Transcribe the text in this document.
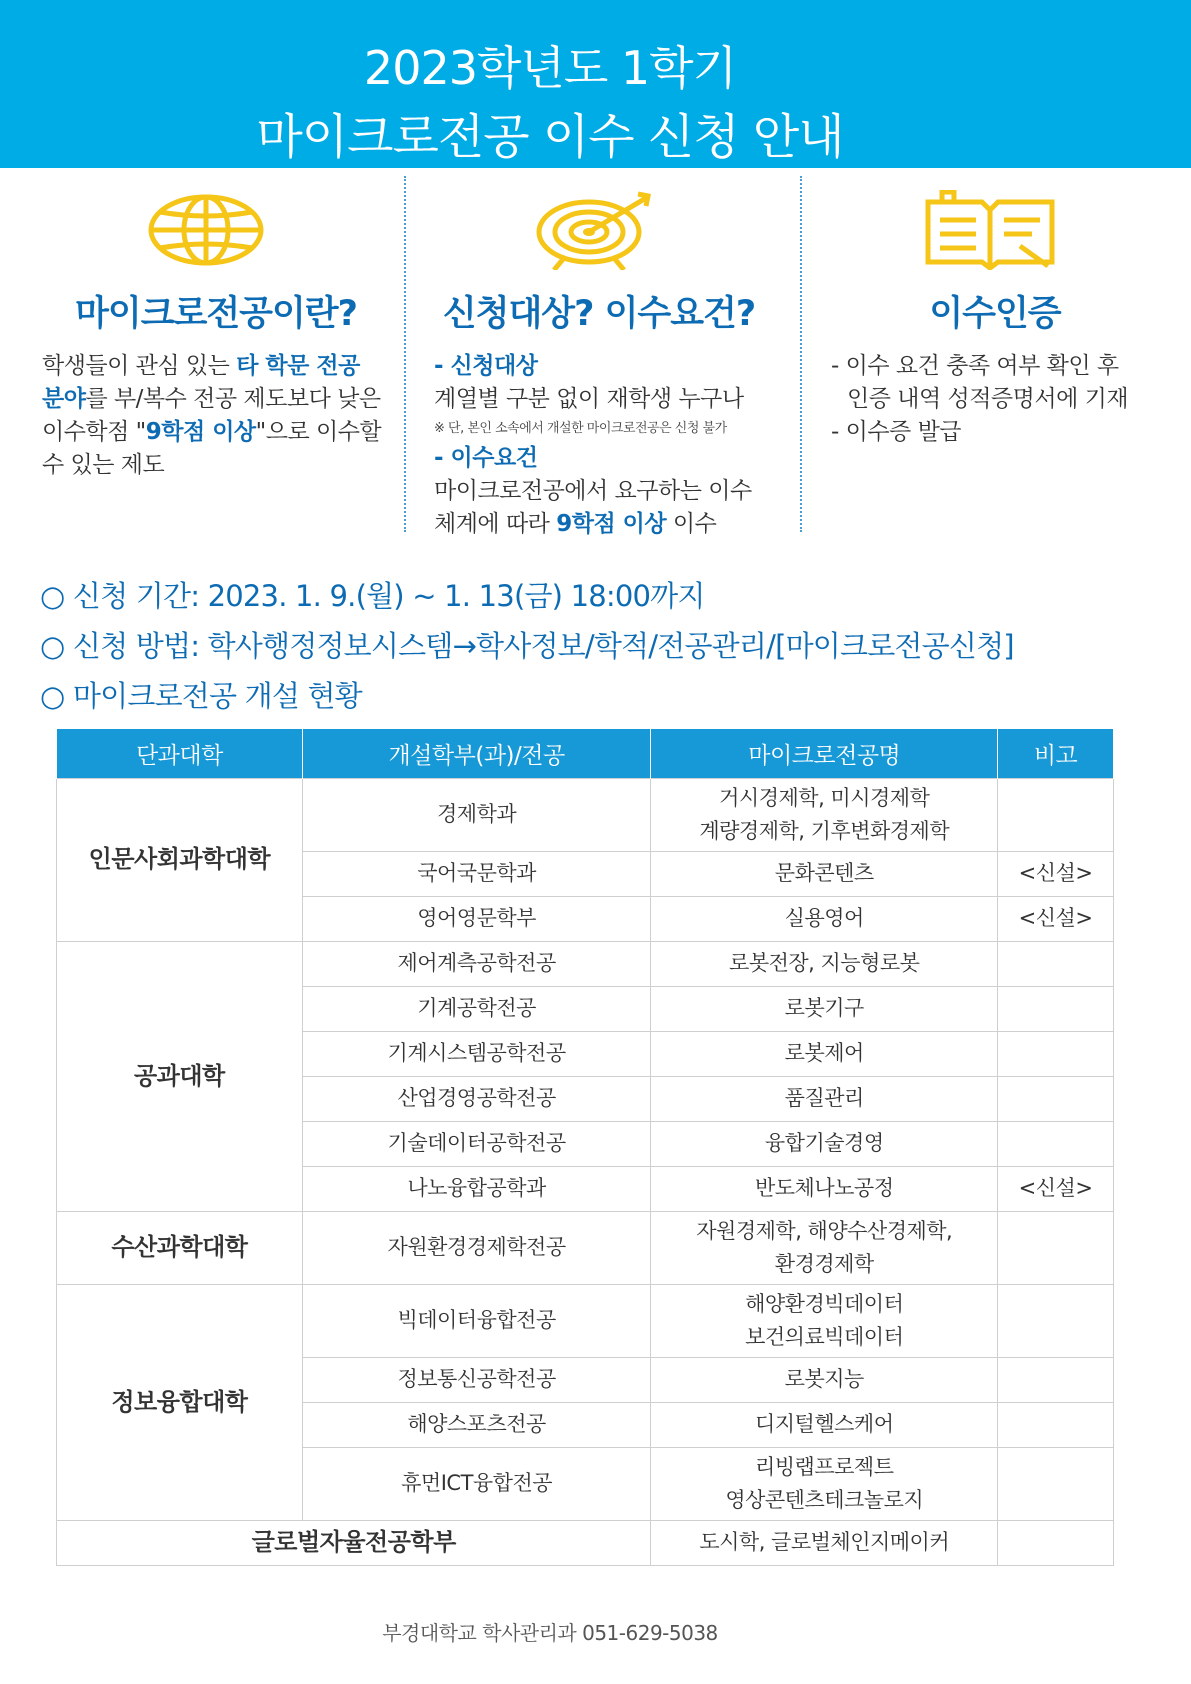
2023학년도 1학기
마이크로전공 이수 신청 안내
마이크로전공이란?
학생들이 관심 있는 타 학문 전공
분야를 부/복수 전공 제도보다 낮은
이수학점 "9학점 이상"으로 이수할
수 있는 제도
신청대상? 이수요건?
- 신청대상
계열별 구분 없이 재학생 누구나
※ 단, 본인 소속에서 개설한 마이크로전공은 신청 불가
- 이수요건
마이크로전공에서 요구하는 이수
체계에 따라 9학점 이상 이수
이수인증
- 이수 요건 충족 여부 확인 후
인증 내역 성적증명서에 기재
- 이수증 발급
○ 신청 기간: 2023. 1. 9.(월) ~ 1. 13(금) 18:00까지
○ 신청 방법: 학사행정정보시스템→학사정보/학적/전공관리/[마이크로전공신청]
○ 마이크로전공 개설 현황
단과대학	개설학부(과)/전공	마이크로전공명	비고
인문사회과학대학	경제학과	거시경제학, 미시경제학
계량경제학, 기후변화경제학	

	국어국문학과	문화콘텐츠	<신설>
	영어영문학부	실용영어	<신설>
공과대학	제어계측공학전공	로봇전장, 지능형로봇	
	기계공학전공	로봇기구	
	기계시스템공학전공	로봇제어	
	산업경영공학전공	품질관리	
	기술데이터공학전공	융합기술경영	
	나노융합공학과	반도체나노공정	<신설>
수산과학대학	자원환경경제학전공	자원경제학, 해양수산경제학,
환경경제학	

정보융합대학	빅데이터융합전공	해양환경빅데이터
보건의료빅데이터	

	정보통신공학전공	로봇지능	
	해양스포츠전공	디지털헬스케어	
	휴먼ICT융합전공	리빙랩프로젝트
영상콘텐츠테크놀로지	

글로벌자율전공학부		도시학, 글로벌체인지메이커	
부경대학교 학사관리과 051-629-5038
